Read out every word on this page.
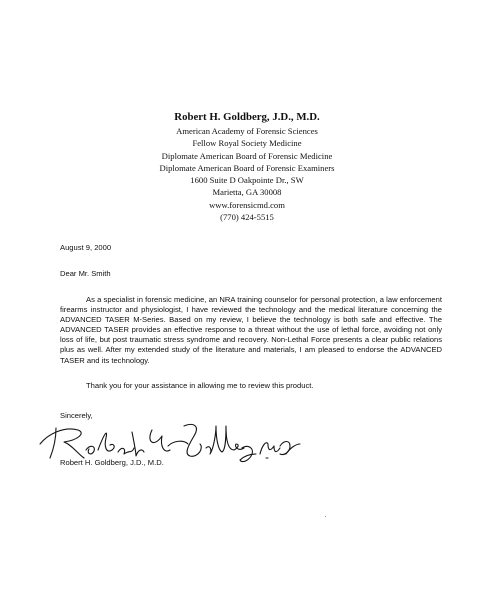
Robert H. Goldberg, J.D., M.D.
American Academy of Forensic Sciences
Fellow Royal Society Medicine
Diplomate American Board of Forensic Medicine
Diplomate American Board of Forensic Examiners
1600 Suite D Oakpointe Dr., SW
Marietta, GA 30008
www.forensicmd.com
(770) 424-5515
August 9, 2000
Dear Mr. Smith

As a specialist in forensic medicine, an NRA training counselor for personal protection, a law enforcement firearms instructor and physiologist, I have reviewed the technology and the medical literature concerning the ADVANCED TASER M-Series. Based on my review, I believe the technology is both safe and effective. The ADVANCED TASER provides an effective response to a threat without the use of lethal force, avoiding not only loss of life, but post traumatic stress syndrome and recovery. Non-Lethal Force presents a clear public relations plus as well. After my extended study of the literature and materials, I am pleased to endorse the ADVANCED TASER and its technology.

Thank you for your assistance in allowing me to review this product.
Sincerely,
Robert H. Goldberg, J.D., M.D.
